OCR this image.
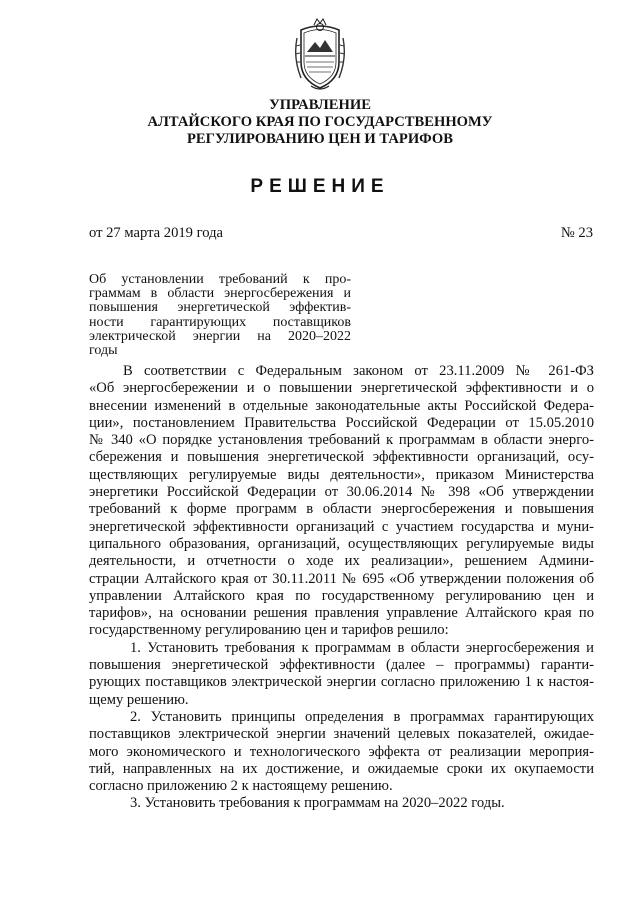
УПРАВЛЕНИЕ
АЛТАЙСКОГО КРАЯ ПО ГОСУДАРСТВЕННОМУ
РЕГУЛИРОВАНИЮ ЦЕН И ТАРИФОВ
РЕШЕНИЕ
от 27 марта 2019 года	№ 23
Об установлении требований к про-
граммам в области энергосбережения и
повышения энергетической эффектив-
ности гарантирующих поставщиков
электрической энергии на 2020–2022
годы
В соответствии с Федеральным законом от 23.11.2009 № 261-ФЗ
«Об энергосбережении и о повышении энергетической эффективности и о
внесении изменений в отдельные законодательные акты Российской Федера-
ции», постановлением Правительства Российской Федерации от 15.05.2010
№ 340 «О порядке установления требований к программам в области энерго-
сбережения и повышения энергетической эффективности организаций, осу-
ществляющих регулируемые виды деятельности», приказом Министерства
энергетики Российской Федерации от 30.06.2014 № 398 «Об утверждении
требований к форме программ в области энергосбережения и повышения
энергетической эффективности организаций с участием государства и муни-
ципального образования, организаций, осуществляющих регулируемые виды
деятельности, и отчетности о ходе их реализации», решением Админи-
страции Алтайского края от 30.11.2011 № 695 «Об утверждении положения об
управлении Алтайского края по государственному регулированию цен и
тарифов», на основании решения правления управление Алтайского края по
государственному регулированию цен и тарифов решило:
1. Установить требования к программам в области энергосбережения и
повышения энергетической эффективности (далее – программы) гаранти-
рующих поставщиков электрической энергии согласно приложению 1 к настоя-
щему решению.
2. Установить принципы определения в программах гарантирующих
поставщиков электрической энергии значений целевых показателей, ожидае-
мого экономического и технологического эффекта от реализации мероприя-
тий, направленных на их достижение, и ожидаемые сроки их окупаемости
согласно приложению 2 к настоящему решению.
3. Установить требования к программам на 2020–2022 годы.
